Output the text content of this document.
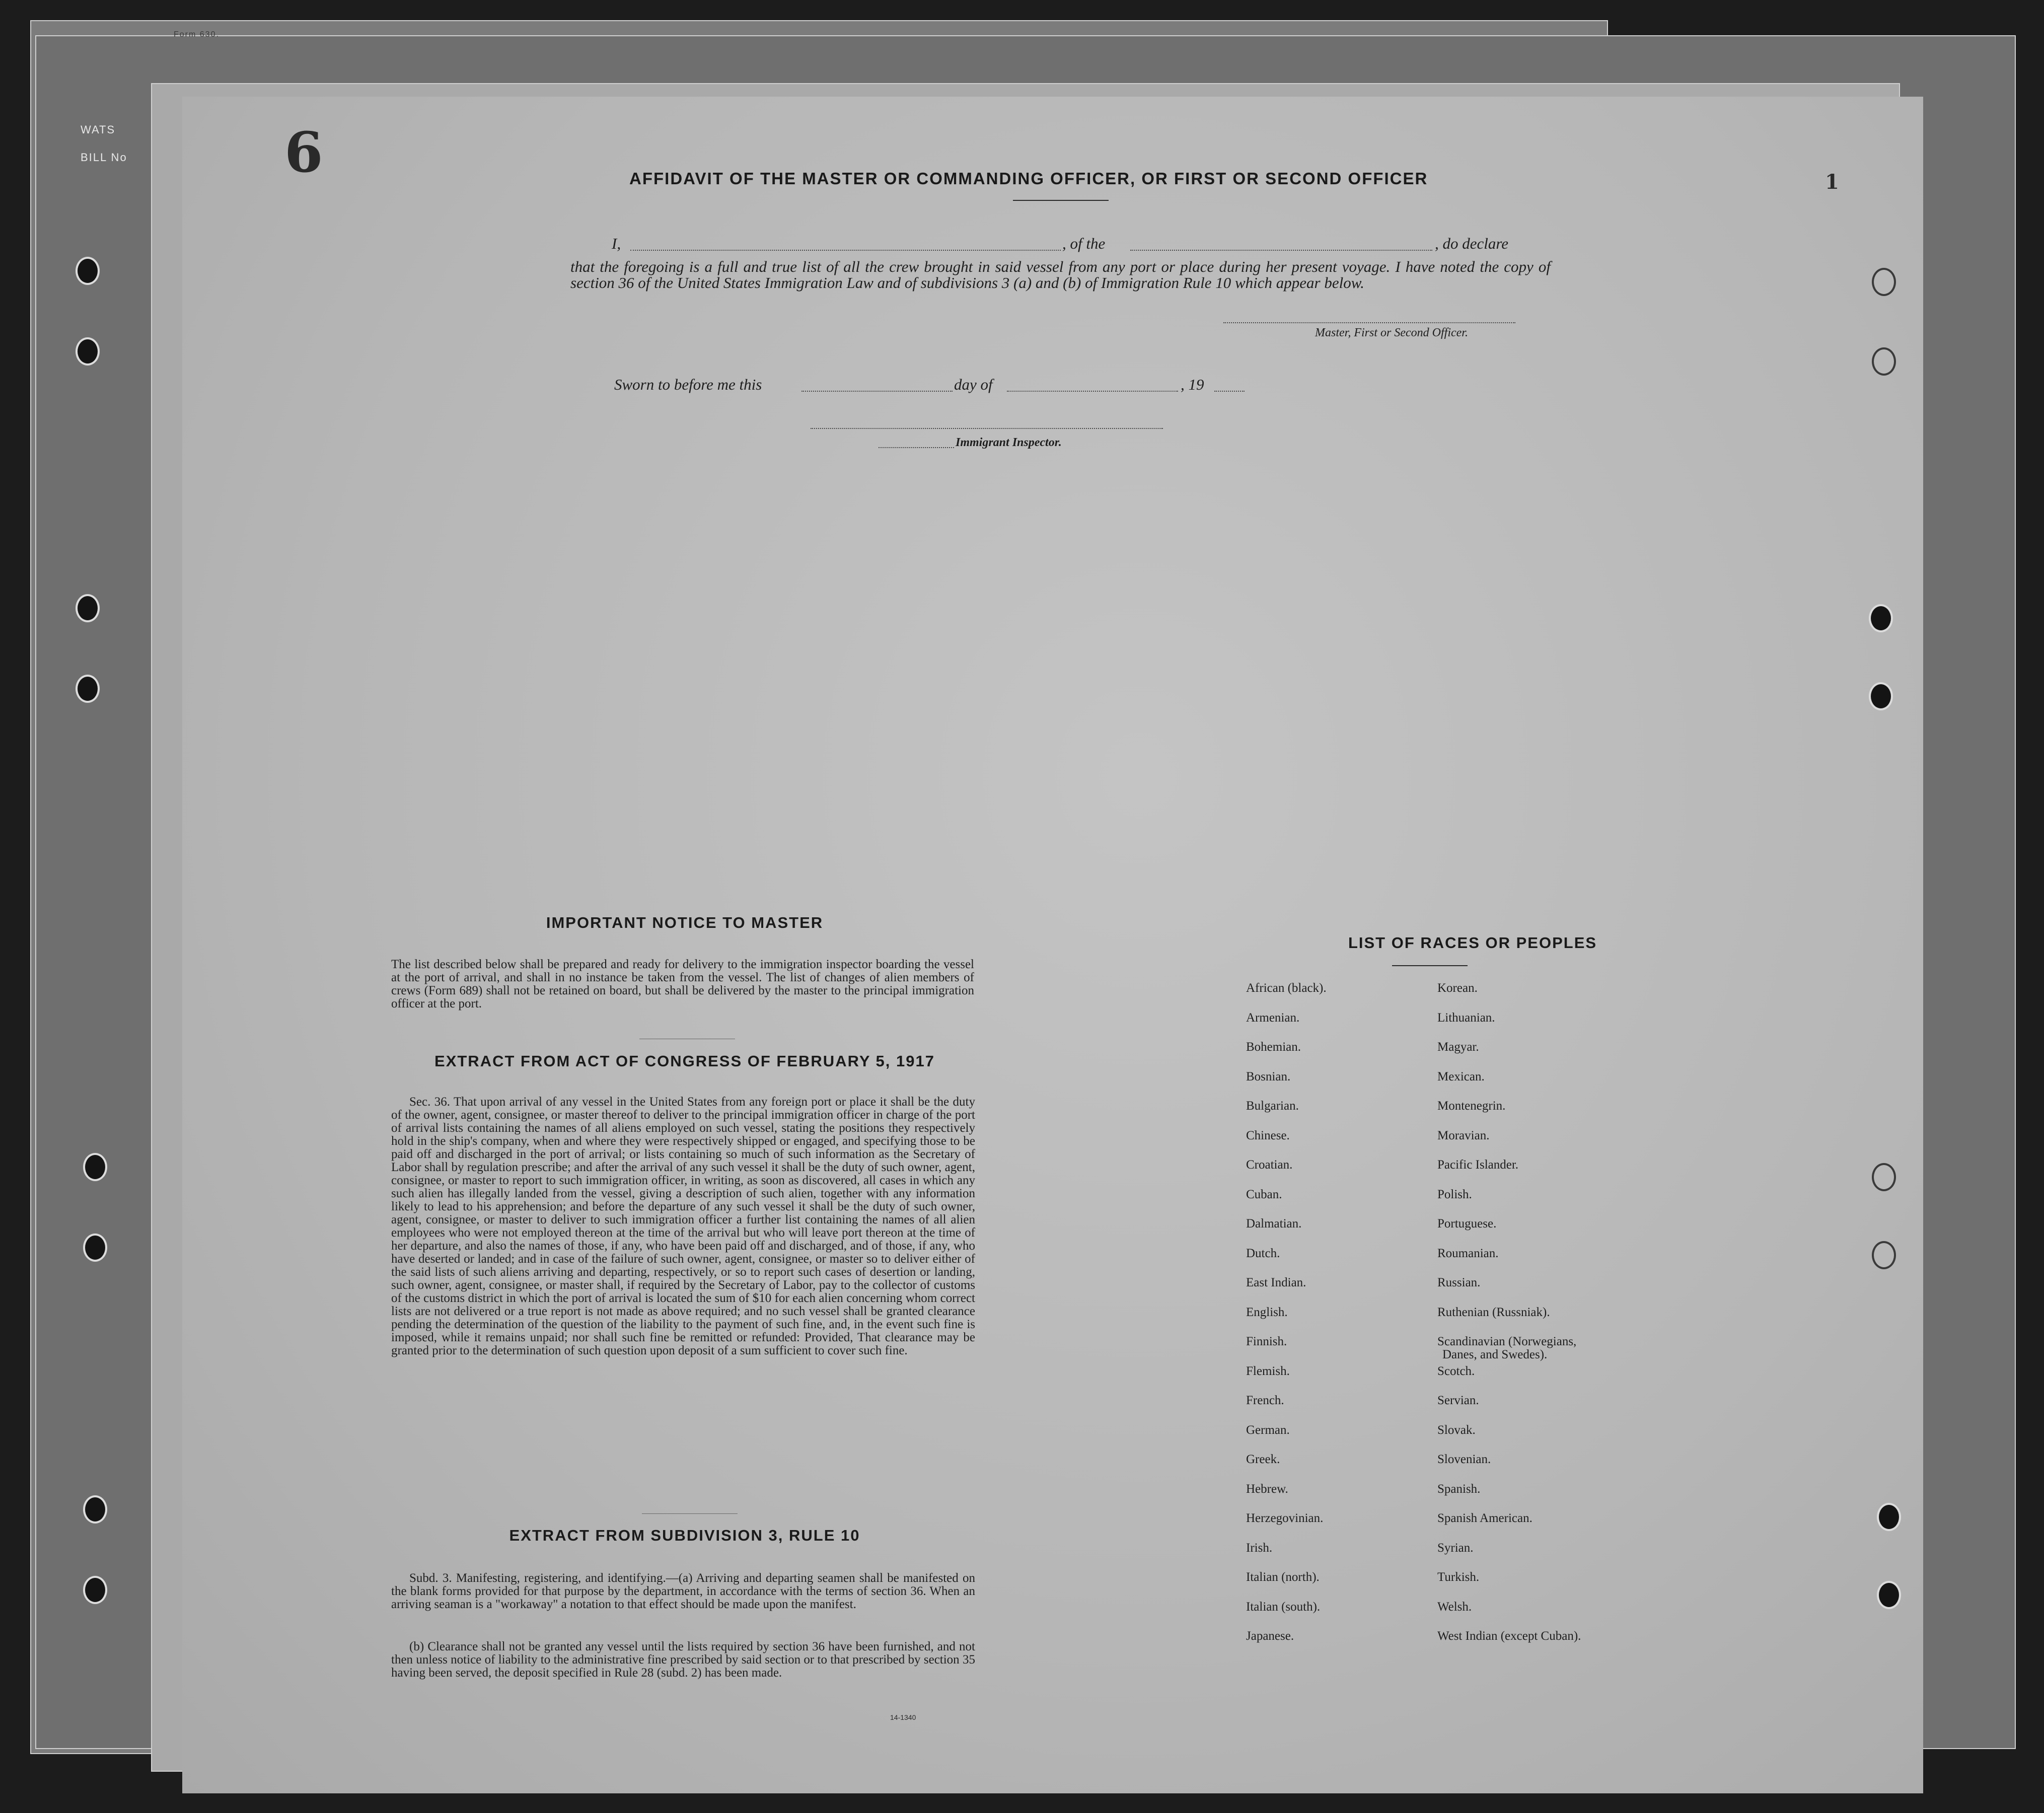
Form 630.
WATS
BILL No	6	1
AFFIDAVIT OF THE MASTER OR COMMANDING OFFICER, OR FIRST OR SECOND OFFICER
I,	, of the	, do declare
that the foregoing is a full and true list of all the crew brought in said vessel from any port or place during her present voyage. I have noted the copy of section 36 of the United States Immigration Law and of subdivisions 3 (a) and (b) of Immigration Rule 10 which appear below.
Master, First or Second Officer.
Sworn to before me this	day of	, 19
Immigrant Inspector.
IMPORTANT NOTICE TO MASTER
The list described below shall be prepared and ready for delivery to the immigration inspector boarding the vessel at the port of arrival, and shall in no instance be taken from the vessel. The list of changes of alien members of crews (Form 689) shall not be retained on board, but shall be delivered by the master to the principal immigration officer at the port.
EXTRACT FROM ACT OF CONGRESS OF FEBRUARY 5, 1917
Sec. 36. That upon arrival of any vessel in the United States from any foreign port or place it shall be the duty of the owner, agent, consignee, or master thereof to deliver to the principal immigration officer in charge of the port of arrival lists containing the names of all aliens employed on such vessel, stating the positions they respectively hold in the ship's company, when and where they were respectively shipped or engaged, and specifying those to be paid off and discharged in the port of arrival; or lists containing so much of such information as the Secretary of Labor shall by regulation prescribe; and after the arrival of any such vessel it shall be the duty of such owner, agent, consignee, or master to report to such immigration officer, in writing, as soon as discovered, all cases in which any such alien has illegally landed from the vessel, giving a description of such alien, together with any information likely to lead to his apprehension; and before the departure of any such vessel it shall be the duty of such owner, agent, consignee, or master to deliver to such immigration officer a further list containing the names of all alien employees who were not employed thereon at the time of the arrival but who will leave port thereon at the time of her departure, and also the names of those, if any, who have been paid off and discharged, and of those, if any, who have deserted or landed; and in case of the failure of such owner, agent, consignee, or master so to deliver either of the said lists of such aliens arriving and departing, respectively, or so to report such cases of desertion or landing, such owner, agent, consignee, or master shall, if required by the Secretary of Labor, pay to the collector of customs of the customs district in which the port of arrival is located the sum of $10 for each alien concerning whom correct lists are not delivered or a true report is not made as above required; and no such vessel shall be granted clearance pending the determination of the question of the liability to the payment of such fine, and, in the event such fine is imposed, while it remains unpaid; nor shall such fine be remitted or refunded: Provided, That clearance may be granted prior to the determination of such question upon deposit of a sum sufficient to cover such fine.
EXTRACT FROM SUBDIVISION 3, RULE 10
Subd. 3. Manifesting, registering, and identifying.—(a) Arriving and departing seamen shall be manifested on the blank forms provided for that purpose by the department, in accordance with the terms of section 36. When an arriving seaman is a "workaway" a notation to that effect should be made upon the manifest.
(b) Clearance shall not be granted any vessel until the lists required by section 36 have been furnished, and not then unless notice of liability to the administrative fine prescribed by said section or to that prescribed by section 35 having been served, the deposit specified in Rule 28 (subd. 2) has been made.
14-1340
LIST OF RACES OR PEOPLES
African (black).
Armenian.
Bohemian.
Bosnian.
Bulgarian.
Chinese.
Croatian.
Cuban.
Dalmatian.
Dutch.
East Indian.
English.
Finnish.
Flemish.
French.
German.
Greek.
Hebrew.
Herzegovinian.
Irish.
Italian (north).
Italian (south).
Japanese.
Korean.
Lithuanian.
Magyar.
Mexican.
Montenegrin.
Moravian.
Pacific Islander.
Polish.
Portuguese.
Roumanian.
Russian.
Ruthenian (Russniak).
Scandinavian (Norwegians,
Danes, and Swedes).
Scotch.
Servian.
Slovak.
Slovenian.
Spanish.
Spanish American.
Syrian.
Turkish.
Welsh.
West Indian (except Cuban).
